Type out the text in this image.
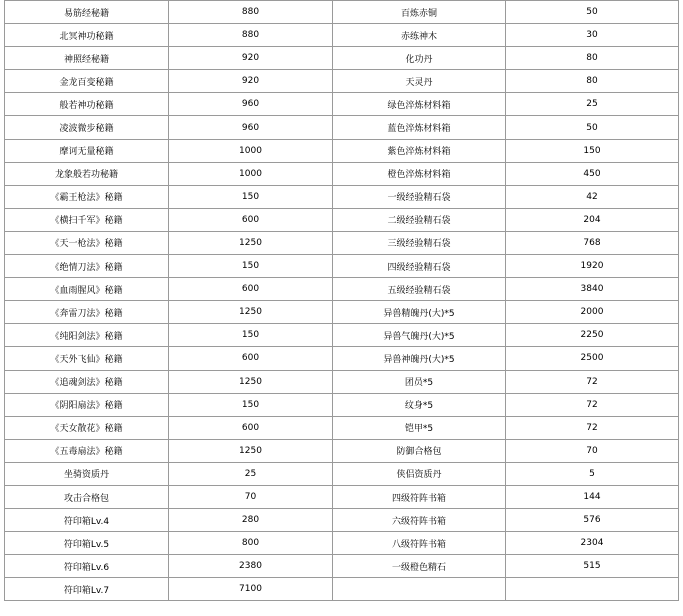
易筋经秘籍	880	百炼赤铜	50
北冥神功秘籍	880	赤练神木	30
神照经秘籍	920	化功丹	80
金龙百变秘籍	920	天灵丹	80
般若神功秘籍	960	绿色淬炼材料箱	25
凌波微步秘籍	960	蓝色淬炼材料箱	50
摩诃无量秘籍	1000	紫色淬炼材料箱	150
龙象般若功秘籍	1000	橙色淬炼材料箱	450
《霸王枪法》秘籍	150	一级经验精石袋	42
《横扫千军》秘籍	600	二级经验精石袋	204
《天一枪法》秘籍	1250	三级经验精石袋	768
《绝情刀法》秘籍	150	四级经验精石袋	1920
《血雨腥风》秘籍	600	五级经验精石袋	3840
《奔雷刀法》秘籍	1250	异兽精魄丹(大)*5	2000
《纯阳剑法》秘籍	150	异兽气魄丹(大)*5	2250
《天外飞仙》秘籍	600	异兽神魄丹(大)*5	2500
《追魂剑法》秘籍	1250	团员*5	72
《阴阳扇法》秘籍	150	纹身*5	72
《天女散花》秘籍	600	铠甲*5	72
《五毒扇法》秘籍	1250	防御合格包	70
坐骑资质丹	25	侠侣资质丹	5
攻击合格包	70	四级符阵书箱	144
符印箱Lv.4	280	六级符阵书箱	576
符印箱Lv.5	800	八级符阵书箱	2304
符印箱Lv.6	2380	一级橙色精石	515
符印箱Lv.7	7100		
